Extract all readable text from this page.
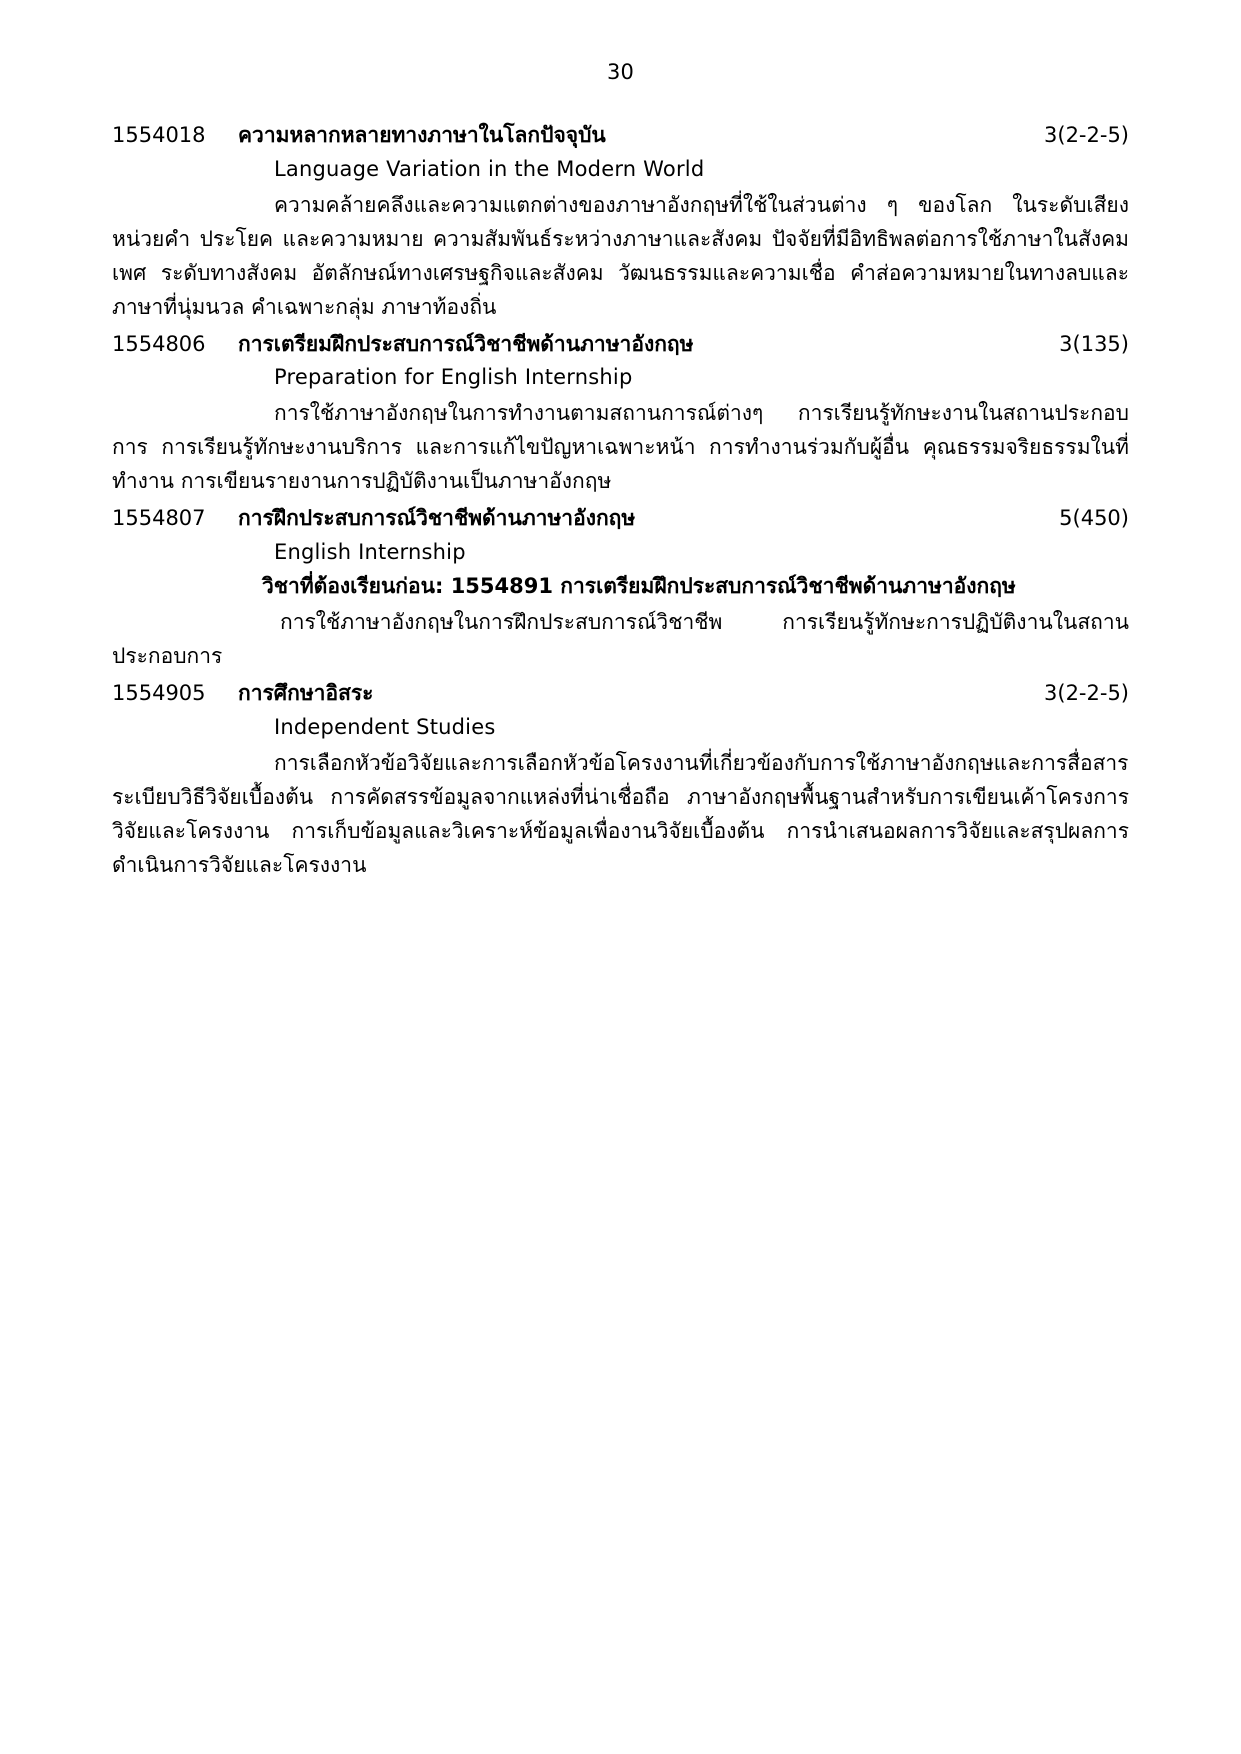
30
1554018	ความหลากหลายทางภาษาในโลกปัจจุบัน	3(2-2-5)
Language Variation in the Modern World
ความคล้ายคลึงและความแตกต่างของภาษาอังกฤษที่ใช้ในส่วนต่าง ๆ ของโลก ในระดับเสียง หน่วยคำ ประโยค และความหมาย ความสัมพันธ์ระหว่างภาษาและสังคม ปัจจัยที่มีอิทธิพลต่อการใช้ภาษาในสังคม เพศ ระดับทางสังคม อัตลักษณ์ทางเศรษฐกิจและสังคม วัฒนธรรมและความเชื่อ คำส่อความหมายในทางลบและภาษาที่นุ่มนวล คำเฉพาะกลุ่ม ภาษาท้องถิ่น
1554806	การเตรียมฝึกประสบการณ์วิชาชีพด้านภาษาอังกฤษ	3(135)
Preparation for English Internship
การใช้ภาษาอังกฤษในการทำงานตามสถานการณ์ต่างๆ การเรียนรู้ทักษะงานในสถานประกอบการ การเรียนรู้ทักษะงานบริการ และการแก้ไขปัญหาเฉพาะหน้า การทำงานร่วมกับผู้อื่น คุณธรรมจริยธรรมในที่ทำงาน การเขียนรายงานการปฏิบัติงานเป็นภาษาอังกฤษ
1554807	การฝึกประสบการณ์วิชาชีพด้านภาษาอังกฤษ	5(450)
English Internship
วิชาที่ต้องเรียนก่อน: 1554891 การเตรียมฝึกประสบการณ์วิชาชีพด้านภาษาอังกฤษ
การใช้ภาษาอังกฤษในการฝึกประสบการณ์วิชาชีพ การเรียนรู้ทักษะการปฏิบัติงานในสถานประกอบการ
1554905	การศึกษาอิสระ	3(2-2-5)
Independent Studies
การเลือกหัวข้อวิจัยและการเลือกหัวข้อโครงงานที่เกี่ยวข้องกับการใช้ภาษาอังกฤษและการสื่อสาร ระเบียบวิธีวิจัยเบื้องต้น การคัดสรรข้อมูลจากแหล่งที่น่าเชื่อถือ ภาษาอังกฤษพื้นฐานสำหรับการเขียนเค้าโครงการวิจัยและโครงงาน การเก็บข้อมูลและวิเคราะห์ข้อมูลเพื่องานวิจัยเบื้องต้น การนำเสนอผลการวิจัยและสรุปผลการดำเนินการวิจัยและโครงงาน
